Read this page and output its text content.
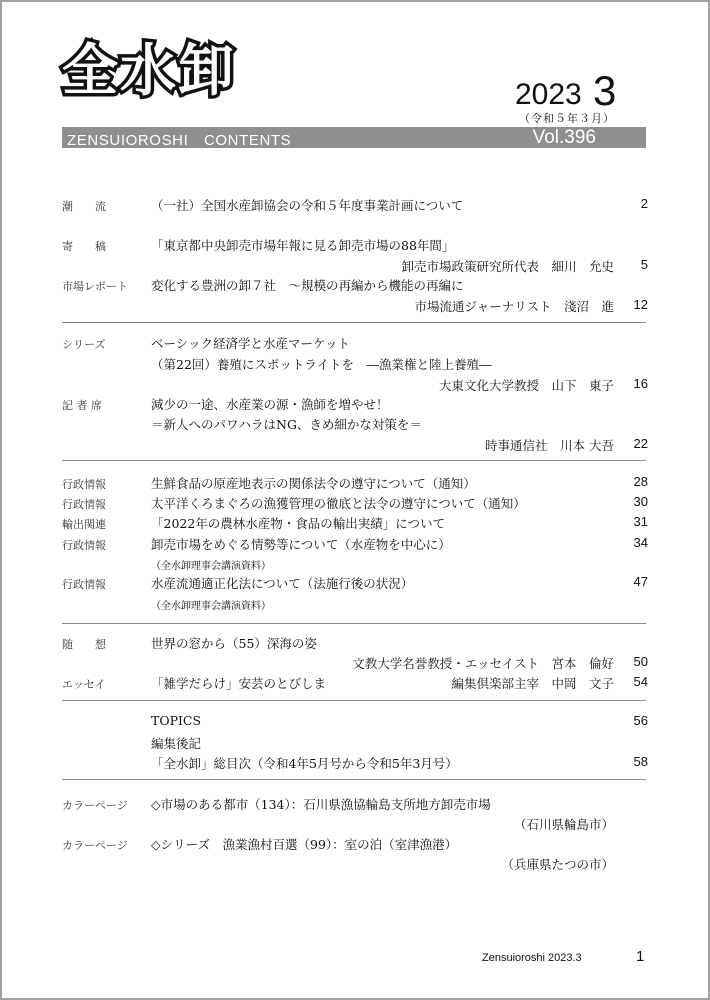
全水卸	2023 3
（令和５年３月）
ZENSUIOROSHI　CONTENTS	Vol.396
潮　　流	（一社）全国水産卸協会の令和５年度事業計画について	2
寄　　稿	「東京都中央卸売市場年報に見る卸売市場の88年間」
卸売市場政策研究所代表　細川　允史 5
市場レポート 変化する豊洲の卸７社　～規模の再編から機能の再編に
市場流通ジャーナリスト　淺沼　進 12
シリーズ	ベーシック経済学と水産マーケット
（第22回）養殖にスポットライトを　―漁業権と陸上養殖―
大東文化大学教授　山下　東子 16
記 者 席	減少の一途、水産業の源・漁師を増やせ！
＝新人へのパワハラはNG、きめ細かな対策を＝
時事通信社　川本 大吾 22
行政情報	生鮮食品の原産地表示の関係法令の遵守について（通知）	28
行政情報	太平洋くろまぐろの漁獲管理の徹底と法令の遵守について（通知）	30
輸出関連	「2022年の農林水産物・食品の輸出実績」について	31
行政情報	卸売市場をめぐる情勢等について（水産物を中心に）	34
（全水卸理事会講演資料）
行政情報	水産流通適正化法について（法施行後の状況）	47
（全水卸理事会講演資料）
随　　想	世界の窓から（55）深海の姿
文教大学名誉教授・エッセイスト　宮本　倫好 50
エッセイ	「雑学だらけ」安芸のとびしま	編集倶楽部主宰　中岡　文子 54
TOPICS	56
編集後記
「全水卸」総目次（令和4年5月号から令和5年3月号）	58
カラーページ ◇市場のある都市（134）：石川県漁協輪島支所地方卸売市場
（石川県輪島市）
カラーページ ◇シリーズ　漁業漁村百選（99）：室の泊（室津漁港）
（兵庫県たつの市）
Zensuioroshi 2023.3	1
